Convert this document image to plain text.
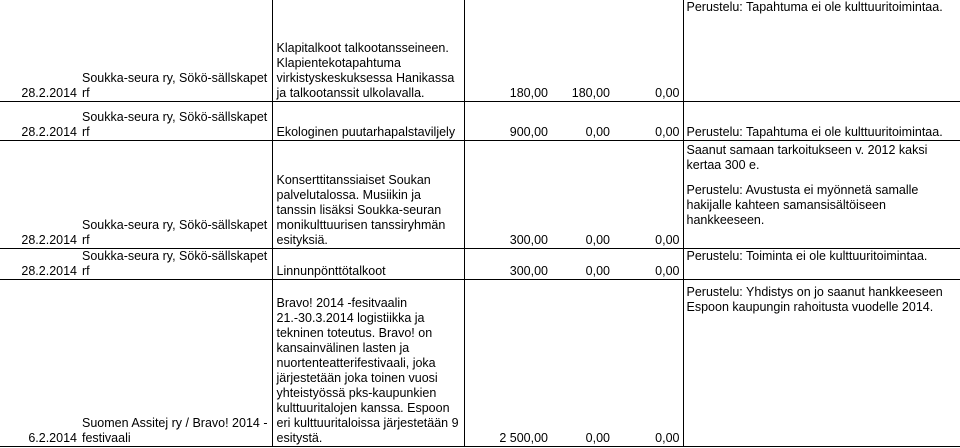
28.2.2014	Soukka-seura ry, Sökö-sällskapet rf	Klapitalkoot talkootansseineen. Klapientekotapahtuma virkistyskeskuksessa Hanikassa ja talkootanssit ulkolavalla.	180,00	180,00	0,00	Perustelu: Tapahtuma ei ole kulttuuritoimintaa.

28.2.2014	Soukka-seura ry, Sökö-sällskapet rf	Ekologinen puutarhapalstaviljely	900,00	0,00	0,00	Perustelu: Tapahtuma ei ole kulttuuritoimintaa.

28.2.2014	Soukka-seura ry, Sökö-sällskapet rf	Konserttitanssiaiset Soukan palvelutalossa. Musiikin ja tanssin lisäksi Soukka-seuran monikulttuurisen tanssiryhmän esityksiä.	300,00	0,00	0,00	Saanut samaan tarkoitukseen v. 2012 kaksi kertaa 300 e.
Perustelu: Avustusta ei myönnetä samalle hakijalle kahteen samansisältöiseen hankkeeseen.

28.2.2014	Soukka-seura ry, Sökö-sällskapet rf	Linnunpönttötalkoot	300,00	0,00	0,00	Perustelu: Toiminta ei ole kulttuuritoimintaa.

6.2.2014	Suomen Assitej ry / Bravo! 2014 -festivaali	Bravo! 2014 -fesitvaalin 21.-30.3.2014 logistiikka ja tekninen toteutus. Bravo! on kansainvälinen lasten ja nuortenteatterifestivaali, joka järjestetään joka toinen vuosi yhteistyössä pks-kaupunkien kulttuuritalojen kanssa. Espoon eri kulttuuritaloissa järjestetään 9 esitystä.	2 500,00	0,00	0,00	Perustelu: Yhdistys on jo saanut hankkeeseen Espoon kaupungin rahoitusta vuodelle 2014.
